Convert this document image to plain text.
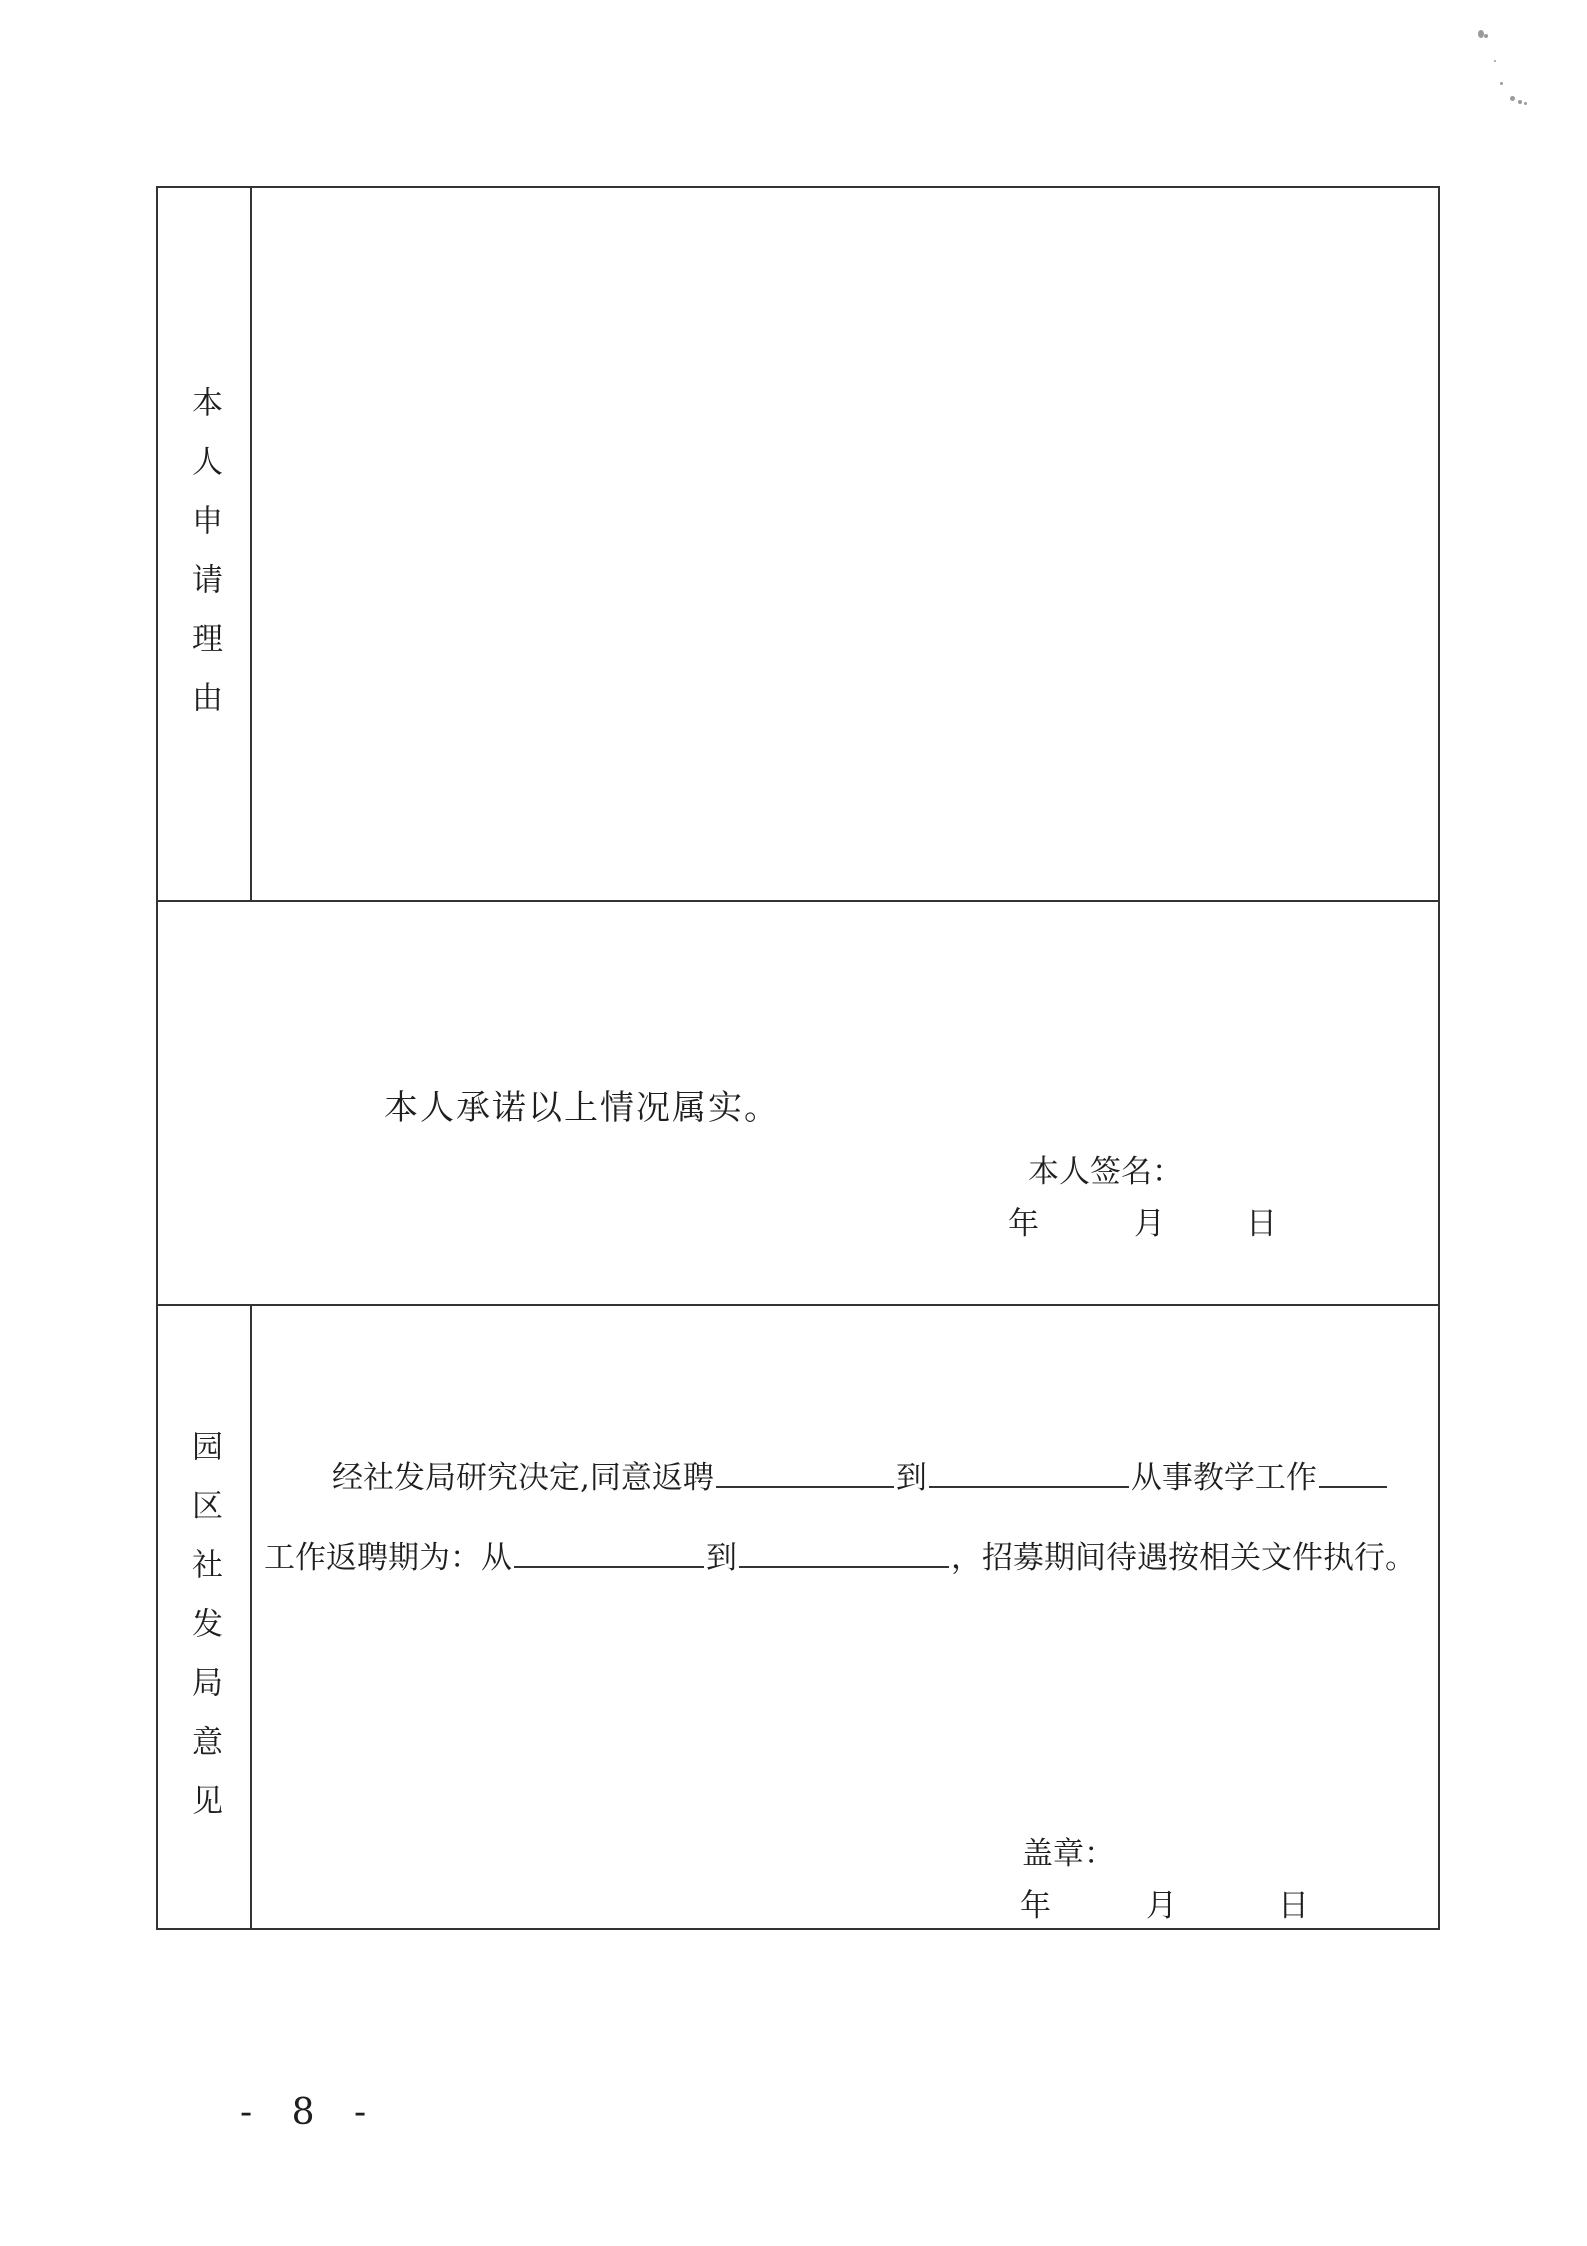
本人申请理由
本人承诺以上情况属实。
本人签名：
年	月	日
园区社发局意见	经社发局研究决定,同意返聘	到	从事教学工作
工作返聘期为：从	到	，招募期间待遇按相关文件执行。
盖章：
年	月	日
- 8 -
